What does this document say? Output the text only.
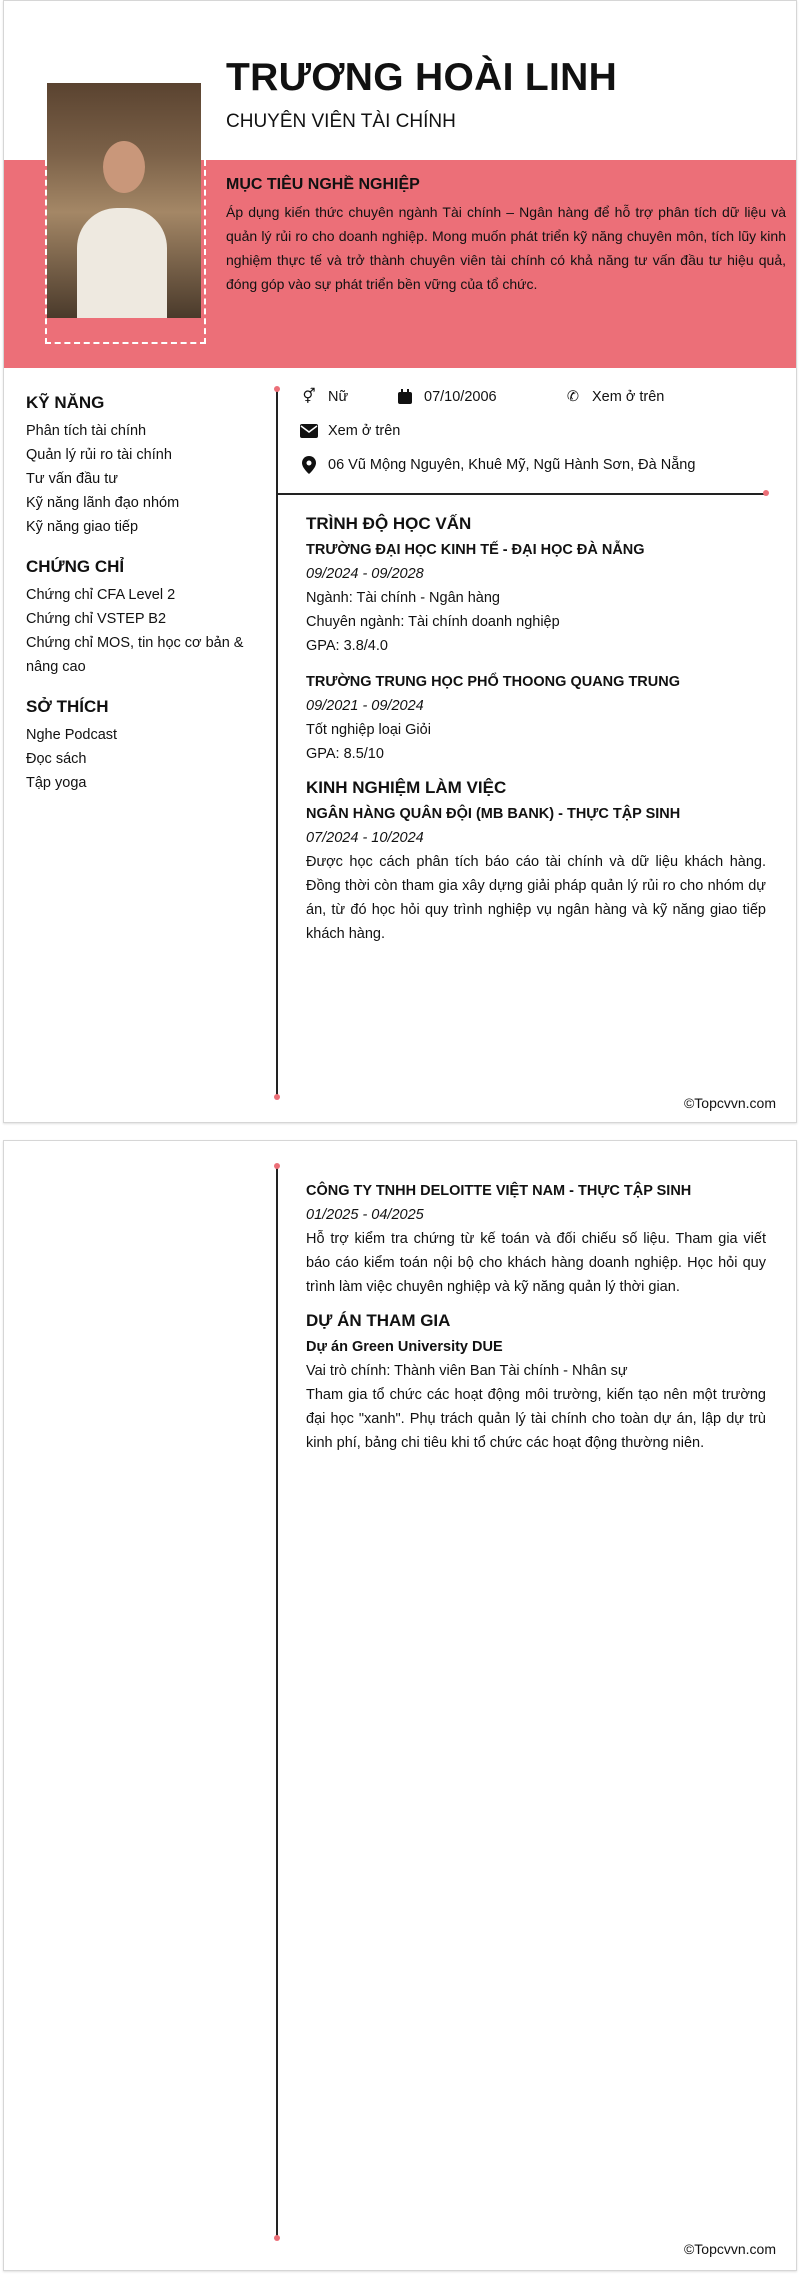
TRƯƠNG HOÀI LINH
CHUYÊN VIÊN TÀI CHÍNH
MỤC TIÊU NGHỀ NGHIỆP
Áp dụng kiến thức chuyên ngành Tài chính – Ngân hàng để hỗ trợ phân tích dữ liệu và quản lý rủi ro cho doanh nghiệp. Mong muốn phát triển kỹ năng chuyên môn, tích lũy kinh nghiệm thực tế và trở thành chuyên viên tài chính có khả năng tư vấn đầu tư hiệu quả, đóng góp vào sự phát triển bền vững của tổ chức.
KỸ NĂNG
Phân tích tài chính
Quản lý rủi ro tài chính
Tư vấn đầu tư
Kỹ năng lãnh đạo nhóm
Kỹ năng giao tiếp
CHỨNG CHỈ
Chứng chỉ CFA Level 2
Chứng chỉ VSTEP B2
Chứng chỉ MOS, tin học cơ bản & nâng cao
SỞ THÍCH
Nghe Podcast
Đọc sách
Tập yoga
⚥ Nữ	07/10/2006	✆ Xem ở trên
Xem ở trên
06 Vũ Mộng Nguyên, Khuê Mỹ, Ngũ Hành Sơn, Đà Nẵng
TRÌNH ĐỘ HỌC VẤN
TRƯỜNG ĐẠI HỌC KINH TẾ - ĐẠI HỌC ĐÀ NẴNG
09/2024 - 09/2028
Ngành: Tài chính - Ngân hàng
Chuyên ngành: Tài chính doanh nghiệp
GPA: 3.8/4.0
TRƯỜNG TRUNG HỌC PHỔ THOONG QUANG TRUNG
09/2021 - 09/2024
Tốt nghiệp loại Giỏi
GPA: 8.5/10
KINH NGHIỆM LÀM VIỆC
NGÂN HÀNG QUÂN ĐỘI (MB BANK) - THỰC TẬP SINH
07/2024 - 10/2024
Được học cách phân tích báo cáo tài chính và dữ liệu khách hàng. Đồng thời còn tham gia xây dựng giải pháp quản lý rủi ro cho nhóm dự án, từ đó học hỏi quy trình nghiệp vụ ngân hàng và kỹ năng giao tiếp khách hàng.
©Topcvvn.com
CÔNG TY TNHH DELOITTE VIỆT NAM - THỰC TẬP SINH
01/2025 - 04/2025
Hỗ trợ kiểm tra chứng từ kế toán và đối chiếu số liệu. Tham gia viết báo cáo kiểm toán nội bộ cho khách hàng doanh nghiệp. Học hỏi quy trình làm việc chuyên nghiệp và kỹ năng quản lý thời gian.
DỰ ÁN THAM GIA
Dự án Green University DUE
Vai trò chính: Thành viên Ban Tài chính - Nhân sự
Tham gia tổ chức các hoạt động môi trường, kiến tạo nên một trường đại học "xanh". Phụ trách quản lý tài chính cho toàn dự án, lập dự trù kinh phí, bảng chi tiêu khi tổ chức các hoạt động thường niên.
©Topcvvn.com
